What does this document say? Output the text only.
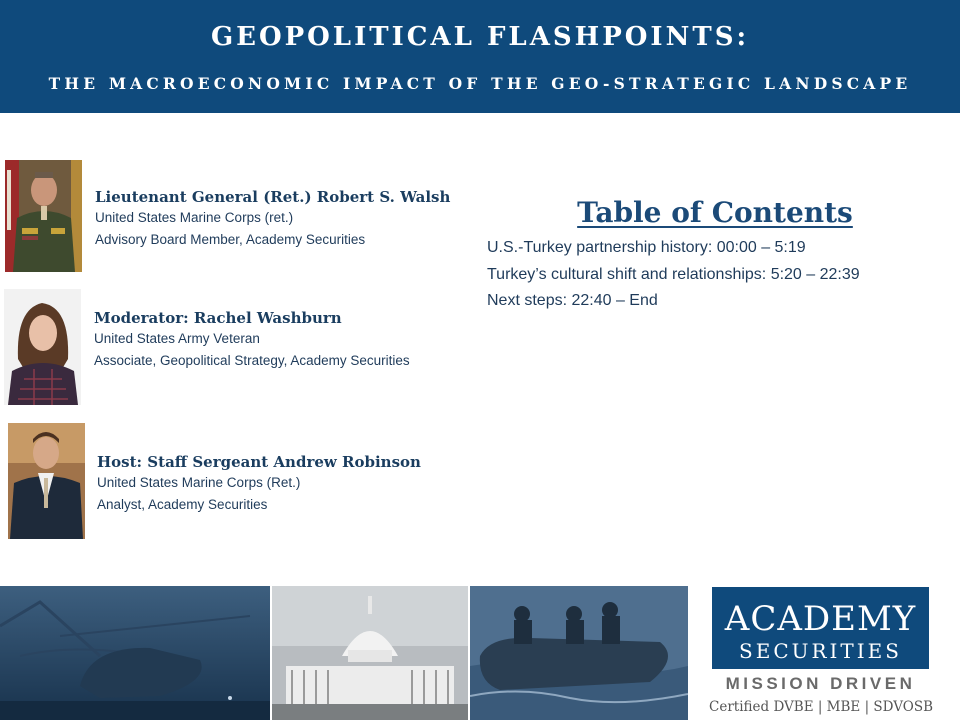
GEOPOLITICAL FLASHPOINTS:
THE MACROECONOMIC IMPACT OF THE GEO-STRATEGIC LANDSCAPE
Lieutenant General (Ret.) Robert S. Walsh
United States Marine Corps (ret.)
Advisory Board Member, Academy Securities
Moderator: Rachel Washburn
United States Army Veteran
Associate, Geopolitical Strategy, Academy Securities
Host: Staff Sergeant Andrew Robinson
United States Marine Corps (Ret.)
Analyst, Academy Securities
Table of Contents
U.S.-Turkey partnership history: 00:00 – 5:19
Turkey’s cultural shift and relationships: 5:20 – 22:39
Next steps: 22:40 – End
ACADEMY
SECURITIES
MISSION DRIVEN
Certified DVBE | MBE | SDVOSB
